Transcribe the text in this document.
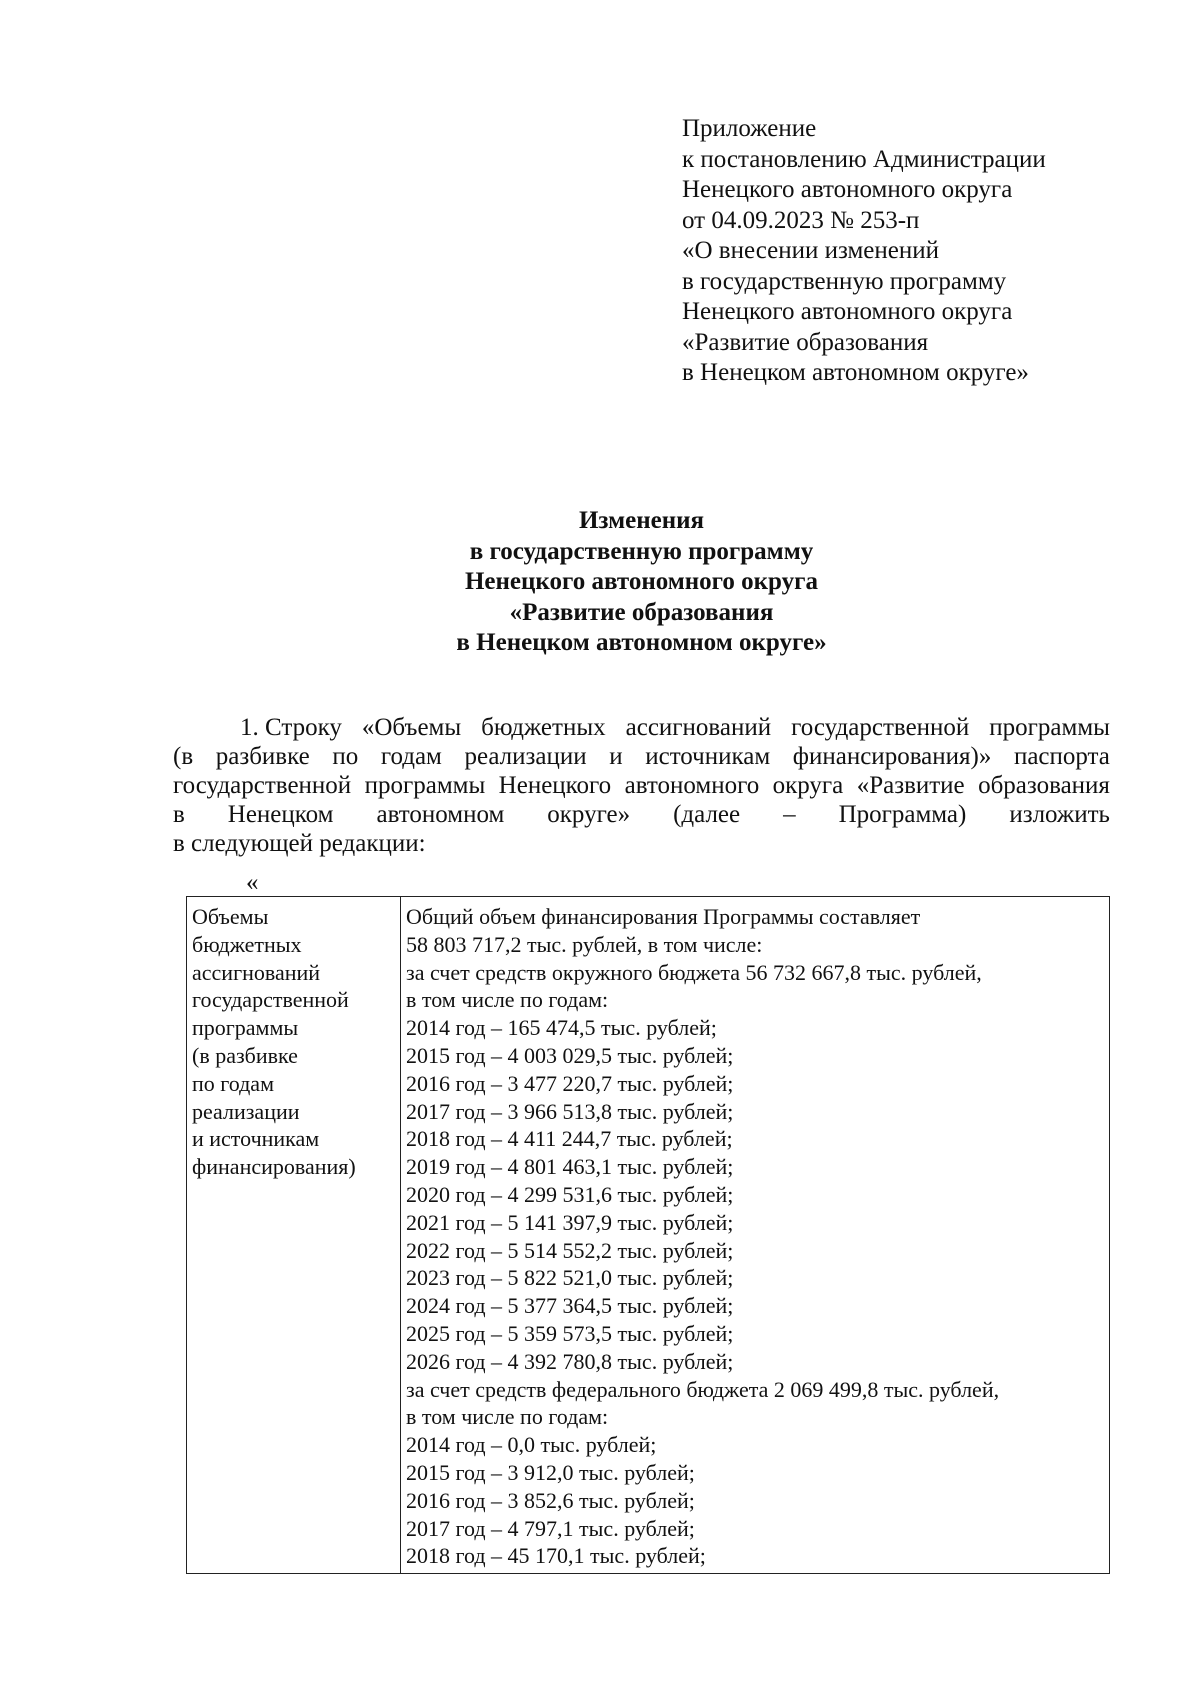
Приложение
к постановлению Администрации
Ненецкого автономного округа
от 04.09.2023 № 253-п
«О внесении изменений
в государственную программу
Ненецкого автономного округа
«Развитие образования
в Ненецком автономном округе»
Изменения
в государственную программу
Ненецкого автономного округа
«Развитие образования
в Ненецком автономном округе»
1. Строку «Объемы бюджетных ассигнований государственной программы
(в разбивке по годам реализации и источникам финансирования)» паспорта
государственной программы Ненецкого автономного округа «Развитие образования
в Ненецком автономном округе» (далее – Программа) изложить
в следующей редакции:
«
Объемы
бюджетных
ассигнований
государственной
программы
(в разбивке
по годам
реализации
и источникам
финансирования)
Общий объем финансирования Программы составляет
58 803 717,2 тыс. рублей, в том числе:
за счет средств окружного бюджета 56 732 667,8 тыс. рублей,
в том числе по годам:
2014 год – 165 474,5 тыс. рублей;
2015 год – 4 003 029,5 тыс. рублей;
2016 год – 3 477 220,7 тыс. рублей;
2017 год – 3 966 513,8 тыс. рублей;
2018 год – 4 411 244,7 тыс. рублей;
2019 год – 4 801 463,1 тыс. рублей;
2020 год – 4 299 531,6 тыс. рублей;
2021 год – 5 141 397,9 тыс. рублей;
2022 год – 5 514 552,2 тыс. рублей;
2023 год – 5 822 521,0 тыс. рублей;
2024 год – 5 377 364,5 тыс. рублей;
2025 год – 5 359 573,5 тыс. рублей;
2026 год – 4 392 780,8 тыс. рублей;
за счет средств федерального бюджета 2 069 499,8 тыс. рублей,
в том числе по годам:
2014 год – 0,0 тыс. рублей;
2015 год – 3 912,0 тыс. рублей;
2016 год – 3 852,6 тыс. рублей;
2017 год – 4 797,1 тыс. рублей;
2018 год – 45 170,1 тыс. рублей;
